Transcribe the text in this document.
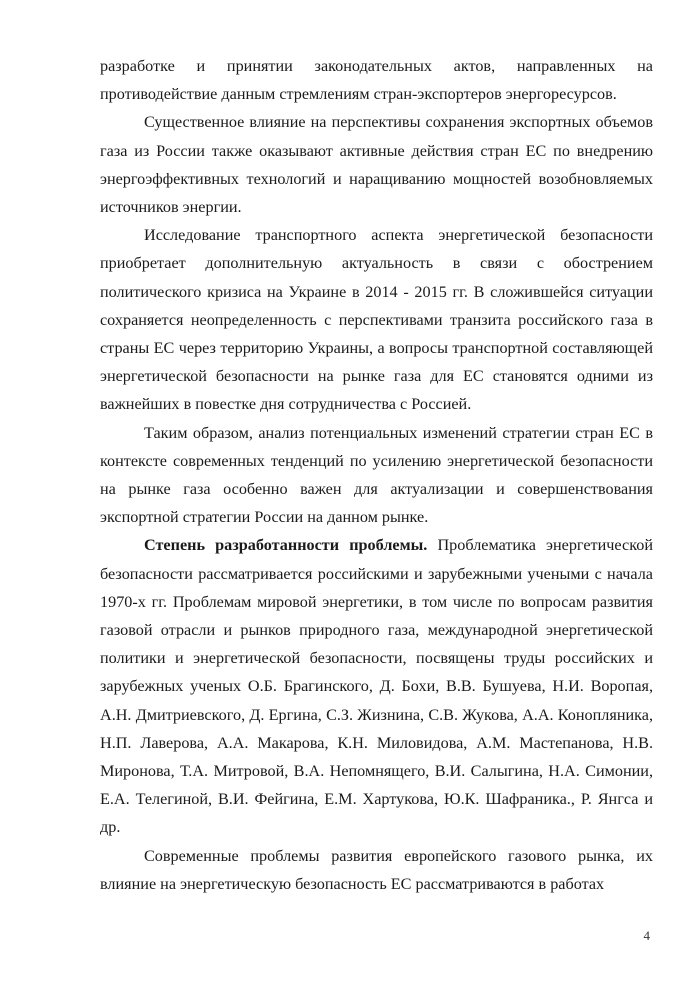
разработке и принятии законодательных актов, направленных на противодействие данным стремлениям стран-экспортеров энергоресурсов.

Существенное влияние на перспективы сохранения экспортных объемов газа из России также оказывают активные действия стран ЕС по внедрению энергоэффективных технологий и наращиванию мощностей возобновляемых источников энергии.

Исследование транспортного аспекта энергетической безопасности приобретает дополнительную актуальность в связи с обострением политического кризиса на Украине в 2014 - 2015 гг. В сложившейся ситуации сохраняется неопределенность с перспективами транзита российского газа в страны ЕС через территорию Украины, а вопросы транспортной составляющей энергетической безопасности на рынке газа для ЕС становятся одними из важнейших в повестке дня сотрудничества с Россией.

Таким образом, анализ потенциальных изменений стратегии стран ЕС в контексте современных тенденций по усилению энергетической безопасности на рынке газа особенно важен для актуализации и совершенствования экспортной стратегии России на данном рынке.

Степень разработанности проблемы. Проблематика энергетической безопасности рассматривается российскими и зарубежными учеными с начала 1970-х гг. Проблемам мировой энергетики, в том числе по вопросам развития газовой отрасли и рынков природного газа, международной энергетической политики и энергетической безопасности, посвящены труды российских и зарубежных ученых О.Б. Брагинского, Д. Бохи, В.В. Бушуева, Н.И. Воропая, А.Н. Дмитриевского, Д. Ергина, С.З. Жизнина, С.В. Жукова, А.А. Конопляника, Н.П. Лаверова, А.А. Макарова, К.Н. Миловидова, А.М. Мастепанова, Н.В. Миронова, Т.А. Митровой, В.А. Непомнящего, В.И. Салыгина, Н.А. Симонии, Е.А. Телегиной, В.И. Фейгина, Е.М. Хартукова, Ю.К. Шафраника., Р. Янгса и др.

Современные проблемы развития европейского газового рынка, их влияние на энергетическую безопасность ЕС рассматриваются в работах

4
